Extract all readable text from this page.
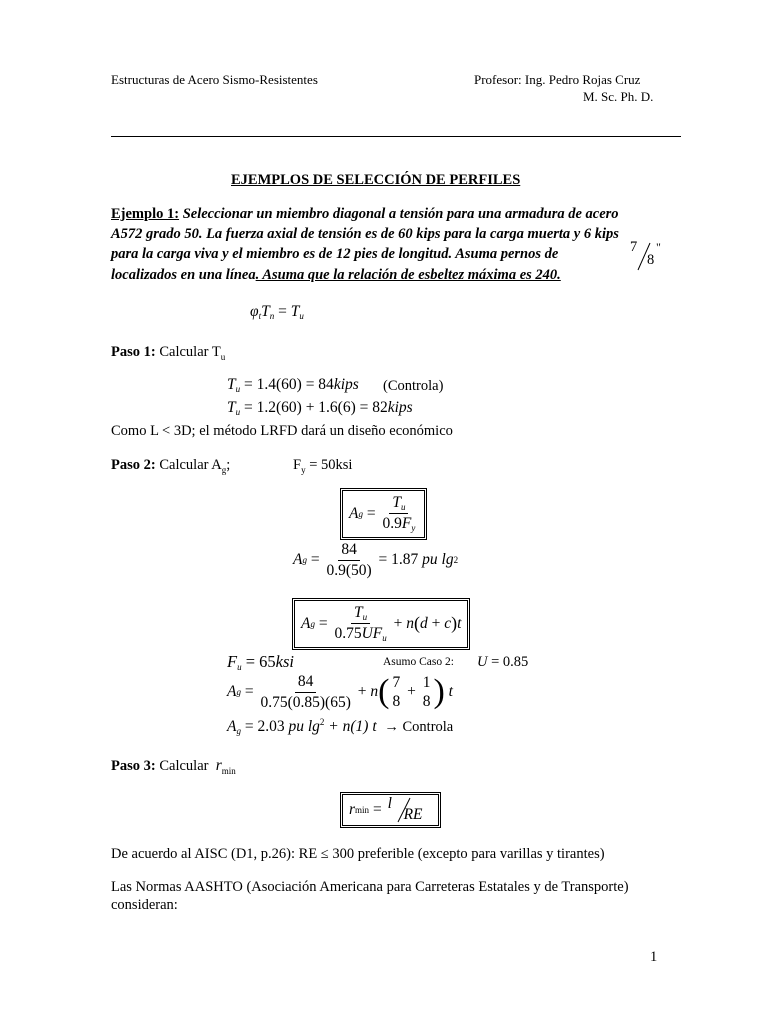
Estructuras de Acero Sismo-Resistentes	Profesor: Ing. Pedro Rojas Cruz
M. Sc. Ph. D.
EJEMPLOS DE SELECCIÓN DE PERFILES
Ejemplo 1: Seleccionar un miembro diagonal a tensión para una armadura de acero
A572 grado 50. La fuerza axial de tensión es de 60 kips para la carga muerta y 6 kips
para la carga viva y el miembro es de 12 pies de longitud. Asuma pernos de	7
8
"
localizados en una línea. Asuma que la relación de esbeltez máxima es 240.
$\varphi_tT_n = T_u$
Paso 1: Calcular $T_u$
$T_u = 1.4(60)$ = 84kips (Controla)
$T_u = 1.2(60) + 1.6(6)$ = 82kips
Como L < 3D; el método LRFD dará un diseño económico
Paso 2: Calcular $A_g$;	$F_y = 50ksi$
A $g = \frac{T_u}{0.9F_y}$
A $g = \frac{84}{0.9(50)}$
= 1.87
pu lg 2
A $g = \frac{T_u}{0.75UF_u} + n$ ( d + c ) t
$F_u = 65ksi$	Asumo Caso 2: U = 0.85
A $g = \frac{84}{0.75(0.85)(65)} + n$ ( 7
8
+
1
8 )
t
$A_g = 2.03$ pu $\lg^2 + n(1) t$ → Controla
Paso 3: Calcular $r_{min}$
r min = l
RE
De acuerdo al AISC (D1, p.26): RE ≤ 300 preferible (excepto para varillas y tirantes)
Las Normas AASHTO (Asociación Americana para Carreteras Estatales y de Transporte)
consideran:
1
